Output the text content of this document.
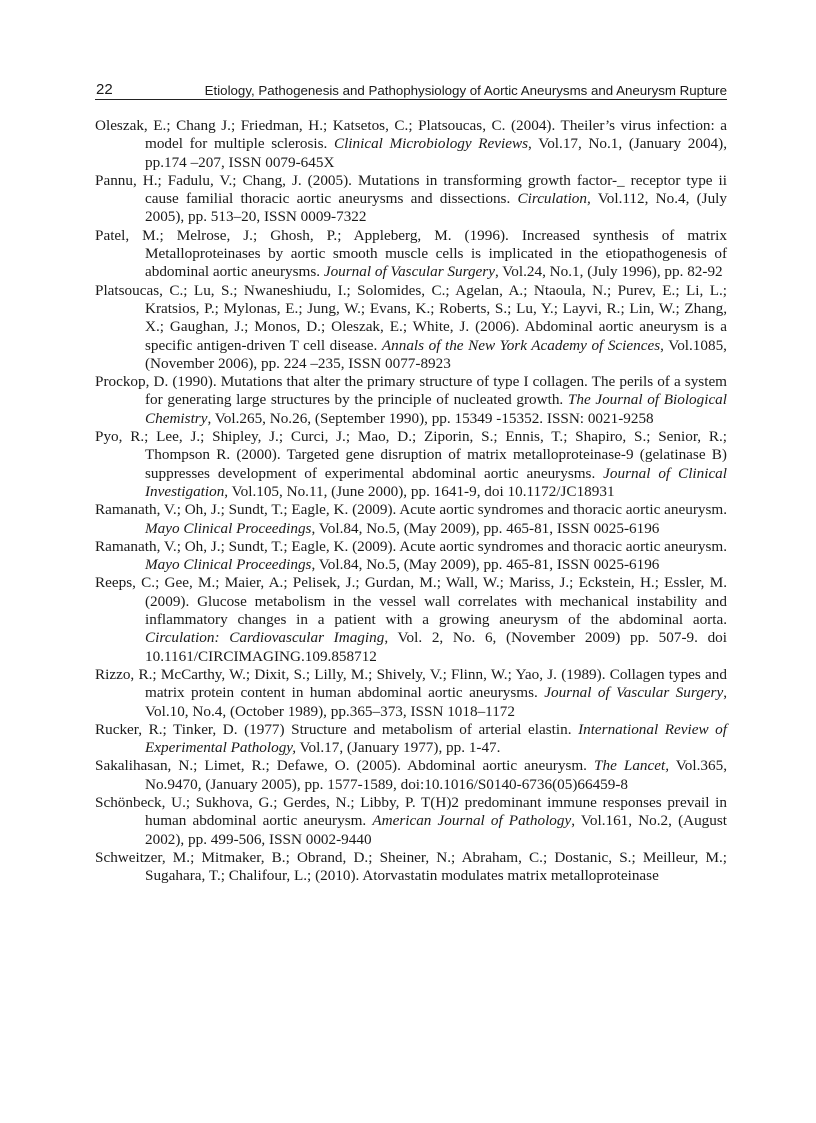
22	Etiology, Pathogenesis and Pathophysiology of Aortic Aneurysms and Aneurysm Rupture
Oleszak, E.; Chang J.; Friedman, H.; Katsetos, C.; Platsoucas, C. (2004). Theiler’s virus infection: a model for multiple sclerosis. Clinical Microbiology Reviews, Vol.17, No.1, (January 2004), pp.174 –207, ISSN 0079-645X
Pannu, H.; Fadulu, V.; Chang, J. (2005). Mutations in transforming growth factor-_ receptor type ii cause familial thoracic aortic aneurysms and dissections. Circulation, Vol.112, No.4, (July 2005), pp. 513–20, ISSN 0009-7322
Patel, M.; Melrose, J.; Ghosh, P.; Appleberg, M. (1996). Increased synthesis of matrix Metalloproteinases by aortic smooth muscle cells is implicated in the etiopathogenesis of abdominal aortic aneurysms. Journal of Vascular Surgery, Vol.24, No.1, (July 1996), pp. 82-92
Platsoucas, C.; Lu, S.; Nwaneshiudu, I.; Solomides, C.; Agelan, A.; Ntaoula, N.; Purev, E.; Li, L.; Kratsios, P.; Mylonas, E.; Jung, W.; Evans, K.; Roberts, S.; Lu, Y.; Layvi, R.; Lin, W.; Zhang, X.; Gaughan, J.; Monos, D.; Oleszak, E.; White, J. (2006). Abdominal aortic aneurysm is a specific antigen-driven T cell disease. Annals of the New York Academy of Sciences, Vol.1085, (November 2006), pp. 224 –235, ISSN 0077-8923
Prockop, D. (1990). Mutations that alter the primary structure of type I collagen. The perils of a system for generating large structures by the principle of nucleated growth. The Journal of Biological Chemistry, Vol.265, No.26, (September 1990), pp. 15349 -15352. ISSN: 0021-9258
Pyo, R.; Lee, J.; Shipley, J.; Curci, J.; Mao, D.; Ziporin, S.; Ennis, T.; Shapiro, S.; Senior, R.; Thompson R. (2000). Targeted gene disruption of matrix metalloproteinase-9 (gelatinase B) suppresses development of experimental abdominal aortic aneurysms. Journal of Clinical Investigation, Vol.105, No.11, (June 2000), pp. 1641-9, doi 10.1172/JC18931
Ramanath, V.; Oh, J.; Sundt, T.; Eagle, K. (2009). Acute aortic syndromes and thoracic aortic aneurysm. Mayo Clinical Proceedings, Vol.84, No.5, (May 2009), pp. 465-81, ISSN 0025-6196
Ramanath, V.; Oh, J.; Sundt, T.; Eagle, K. (2009). Acute aortic syndromes and thoracic aortic aneurysm. Mayo Clinical Proceedings, Vol.84, No.5, (May 2009), pp. 465-81, ISSN 0025-6196
Reeps, C.; Gee, M.; Maier, A.; Pelisek, J.; Gurdan, M.; Wall, W.; Mariss, J.; Eckstein, H.; Essler, M. (2009). Glucose metabolism in the vessel wall correlates with mechanical instability and inflammatory changes in a patient with a growing aneurysm of the abdominal aorta. Circulation: Cardiovascular Imaging, Vol. 2, No. 6, (November 2009) pp. 507-9. doi 10.1161/CIRCIMAGING.109.858712
Rizzo, R.; McCarthy, W.; Dixit, S.; Lilly, M.; Shively, V.; Flinn, W.; Yao, J. (1989). Collagen types and matrix protein content in human abdominal aortic aneurysms. Journal of Vascular Surgery, Vol.10, No.4, (October 1989), pp.365–373, ISSN 1018–1172
Rucker, R.; Tinker, D. (1977) Structure and metabolism of arterial elastin. International Review of Experimental Pathology, Vol.17, (January 1977), pp. 1-47.
Sakalihasan, N.; Limet, R.; Defawe, O. (2005). Abdominal aortic aneurysm. The Lancet, Vol.365, No.9470, (January 2005), pp. 1577-1589, doi:10.1016/S0140-6736(05)66459-8
Schönbeck, U.; Sukhova, G.; Gerdes, N.; Libby, P. T(H)2 predominant immune responses prevail in human abdominal aortic aneurysm. American Journal of Pathology, Vol.161, No.2, (August 2002), pp. 499-506, ISSN 0002-9440
Schweitzer, M.; Mitmaker, B.; Obrand, D.; Sheiner, N.; Abraham, C.; Dostanic, S.; Meilleur, M.; Sugahara, T.; Chalifour, L.; (2010). Atorvastatin modulates matrix metalloproteinase
